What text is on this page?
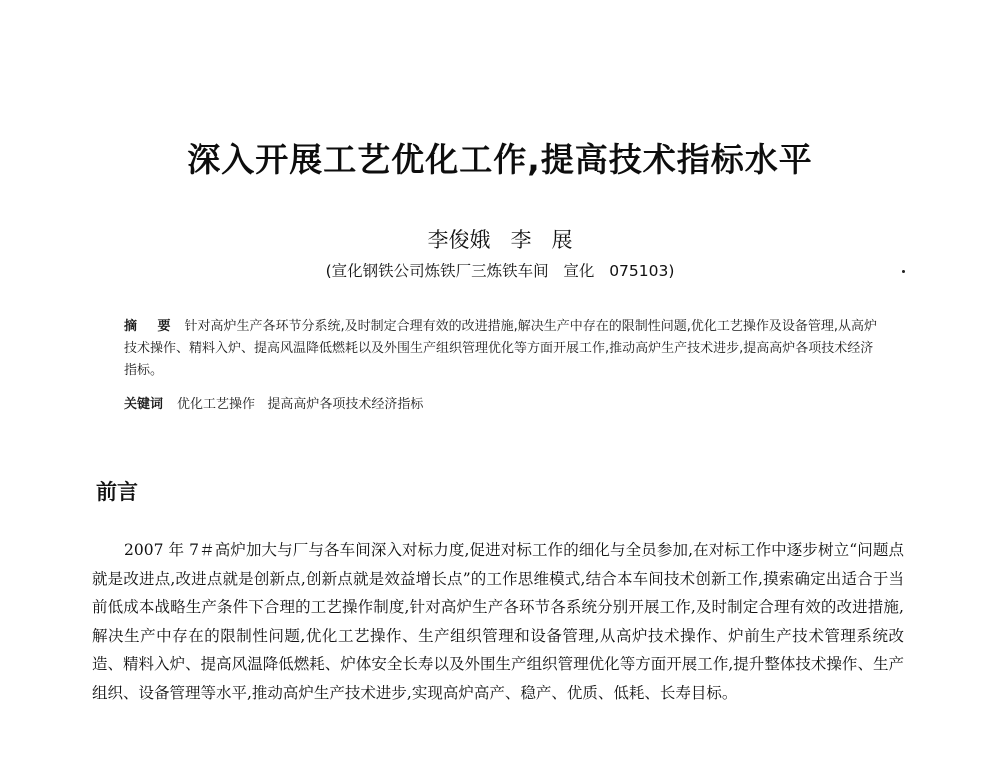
深入开展工艺优化工作,提高技术指标水平
李俊娥   李   展
(宣化钢铁公司炼铁厂三炼铁车间   宣化   075103)
摘 要 针对高炉生产各环节分系统,及时制定合理有效的改进措施,解决生产中存在的限制性问题,优化工艺操作及设备管理,从高炉技术操作、精料入炉、提高风温降低燃耗以及外围生产组织管理优化等方面开展工作,推动高炉生产技术进步,提高高炉各项技术经济指标。
关键词 优化工艺操作   提高高炉各项技术经济指标
前言
2007 年 7＃高炉加大与厂与各车间深入对标力度,促进对标工作的细化与全员参加,在对标工作中逐步树立“问题点就是改进点,改进点就是创新点,创新点就是效益增长点”的工作思维模式,结合本车间技术创新工作,摸索确定出适合于当前低成本战略生产条件下合理的工艺操作制度,针对高炉生产各环节各系统分别开展工作,及时制定合理有效的改进措施,解决生产中存在的限制性问题,优化工艺操作、生产组织管理和设备管理,从高炉技术操作、炉前生产技术管理系统改造、精料入炉、提高风温降低燃耗、炉体安全长寿以及外围生产组织管理优化等方面开展工作,提升整体技术操作、生产组织、设备管理等水平,推动高炉生产技术进步,实现高炉高产、稳产、优质、低耗、长寿目标。
